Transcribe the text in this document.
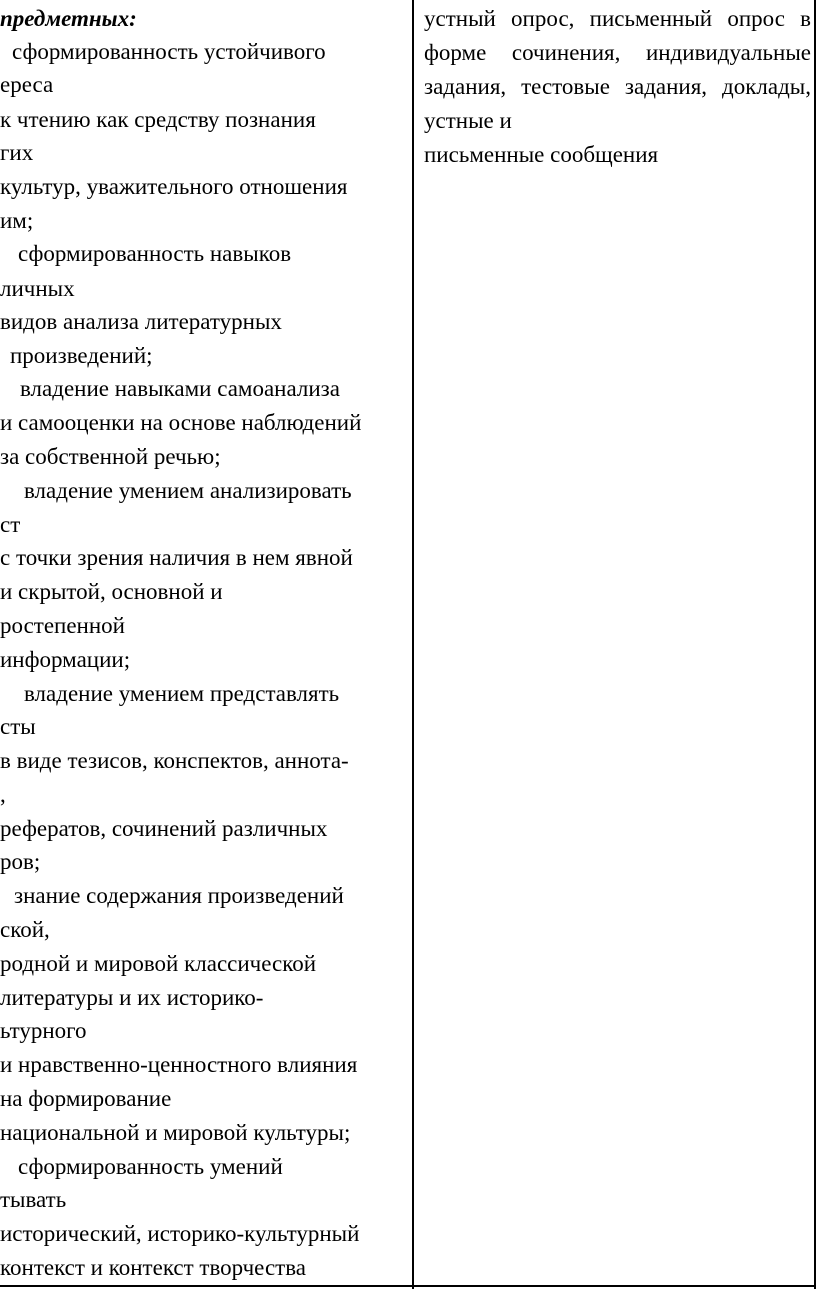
предметных:
сформированность устойчивого
ереса
к чтению как средству познания
гих
культур, уважительного отношения
им;
сформированность навыков
личных
видов анализа литературных
произведений;
владение навыками самоанализа
и самооценки на основе наблюдений
за собственной речью;
владение умением анализировать
ст
с точки зрения наличия в нем явной
и скрытой, основной и
ростепенной
информации;
владение умением представлять
сты
в виде тезисов, конспектов, аннота-
,
рефератов, сочинений различных
ров;
знание содержания произведений
ской,
родной и мировой классической
литературы и их историко-
ьтурного
и нравственно-ценностного влияния
на формирование
национальной и мировой культуры;
сформированность умений
тывать
исторический, историко-культурный
контекст и контекст творчества
устный опрос, письменный опрос в форме сочинения, индивидуальные задания, тестовые задания, доклады, устные и
письменные сообщения
